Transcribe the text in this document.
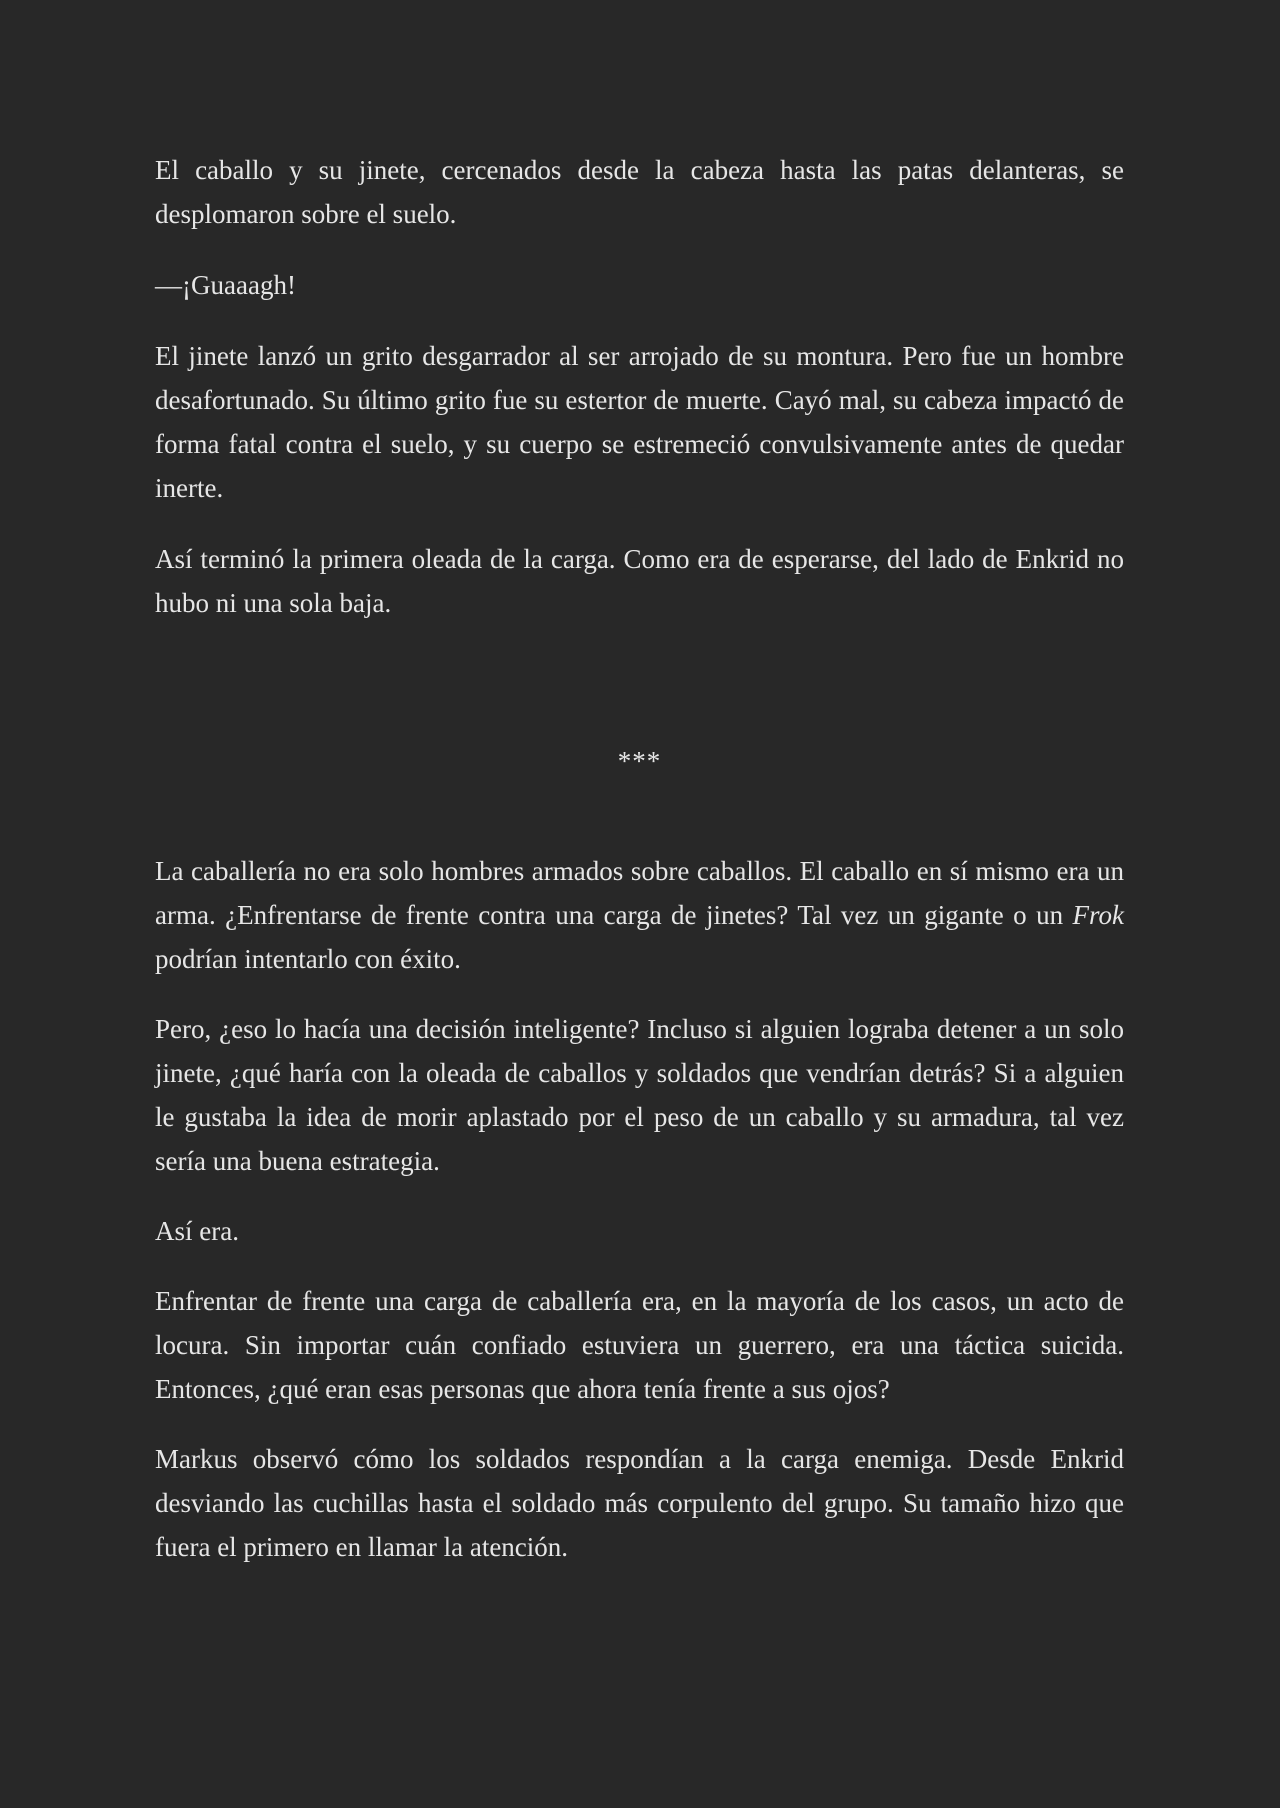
El caballo y su jinete, cercenados desde la cabeza hasta las patas delanteras, se desplomaron sobre el suelo.

—¡Guaaagh!

El jinete lanzó un grito desgarrador al ser arrojado de su montura. Pero fue un hombre desafortunado. Su último grito fue su estertor de muerte. Cayó mal, su cabeza impactó de forma fatal contra el suelo, y su cuerpo se estremeció convulsivamente antes de quedar inerte.

Así terminó la primera oleada de la carga. Como era de esperarse, del lado de Enkrid no hubo ni una sola baja.

***

La caballería no era solo hombres armados sobre caballos. El caballo en sí mismo era un arma. ¿Enfrentarse de frente contra una carga de jinetes? Tal vez un gigante o un Frok podrían intentarlo con éxito.

Pero, ¿eso lo hacía una decisión inteligente? Incluso si alguien lograba detener a un solo jinete, ¿qué haría con la oleada de caballos y soldados que vendrían detrás? Si a alguien le gustaba la idea de morir aplastado por el peso de un caballo y su armadura, tal vez sería una buena estrategia.

Así era.

Enfrentar de frente una carga de caballería era, en la mayoría de los casos, un acto de locura. Sin importar cuán confiado estuviera un guerrero, era una táctica suicida. Entonces, ¿qué eran esas personas que ahora tenía frente a sus ojos?

Markus observó cómo los soldados respondían a la carga enemiga. Desde Enkrid desviando las cuchillas hasta el soldado más corpulento del grupo. Su tamaño hizo que fuera el primero en llamar la atención.
